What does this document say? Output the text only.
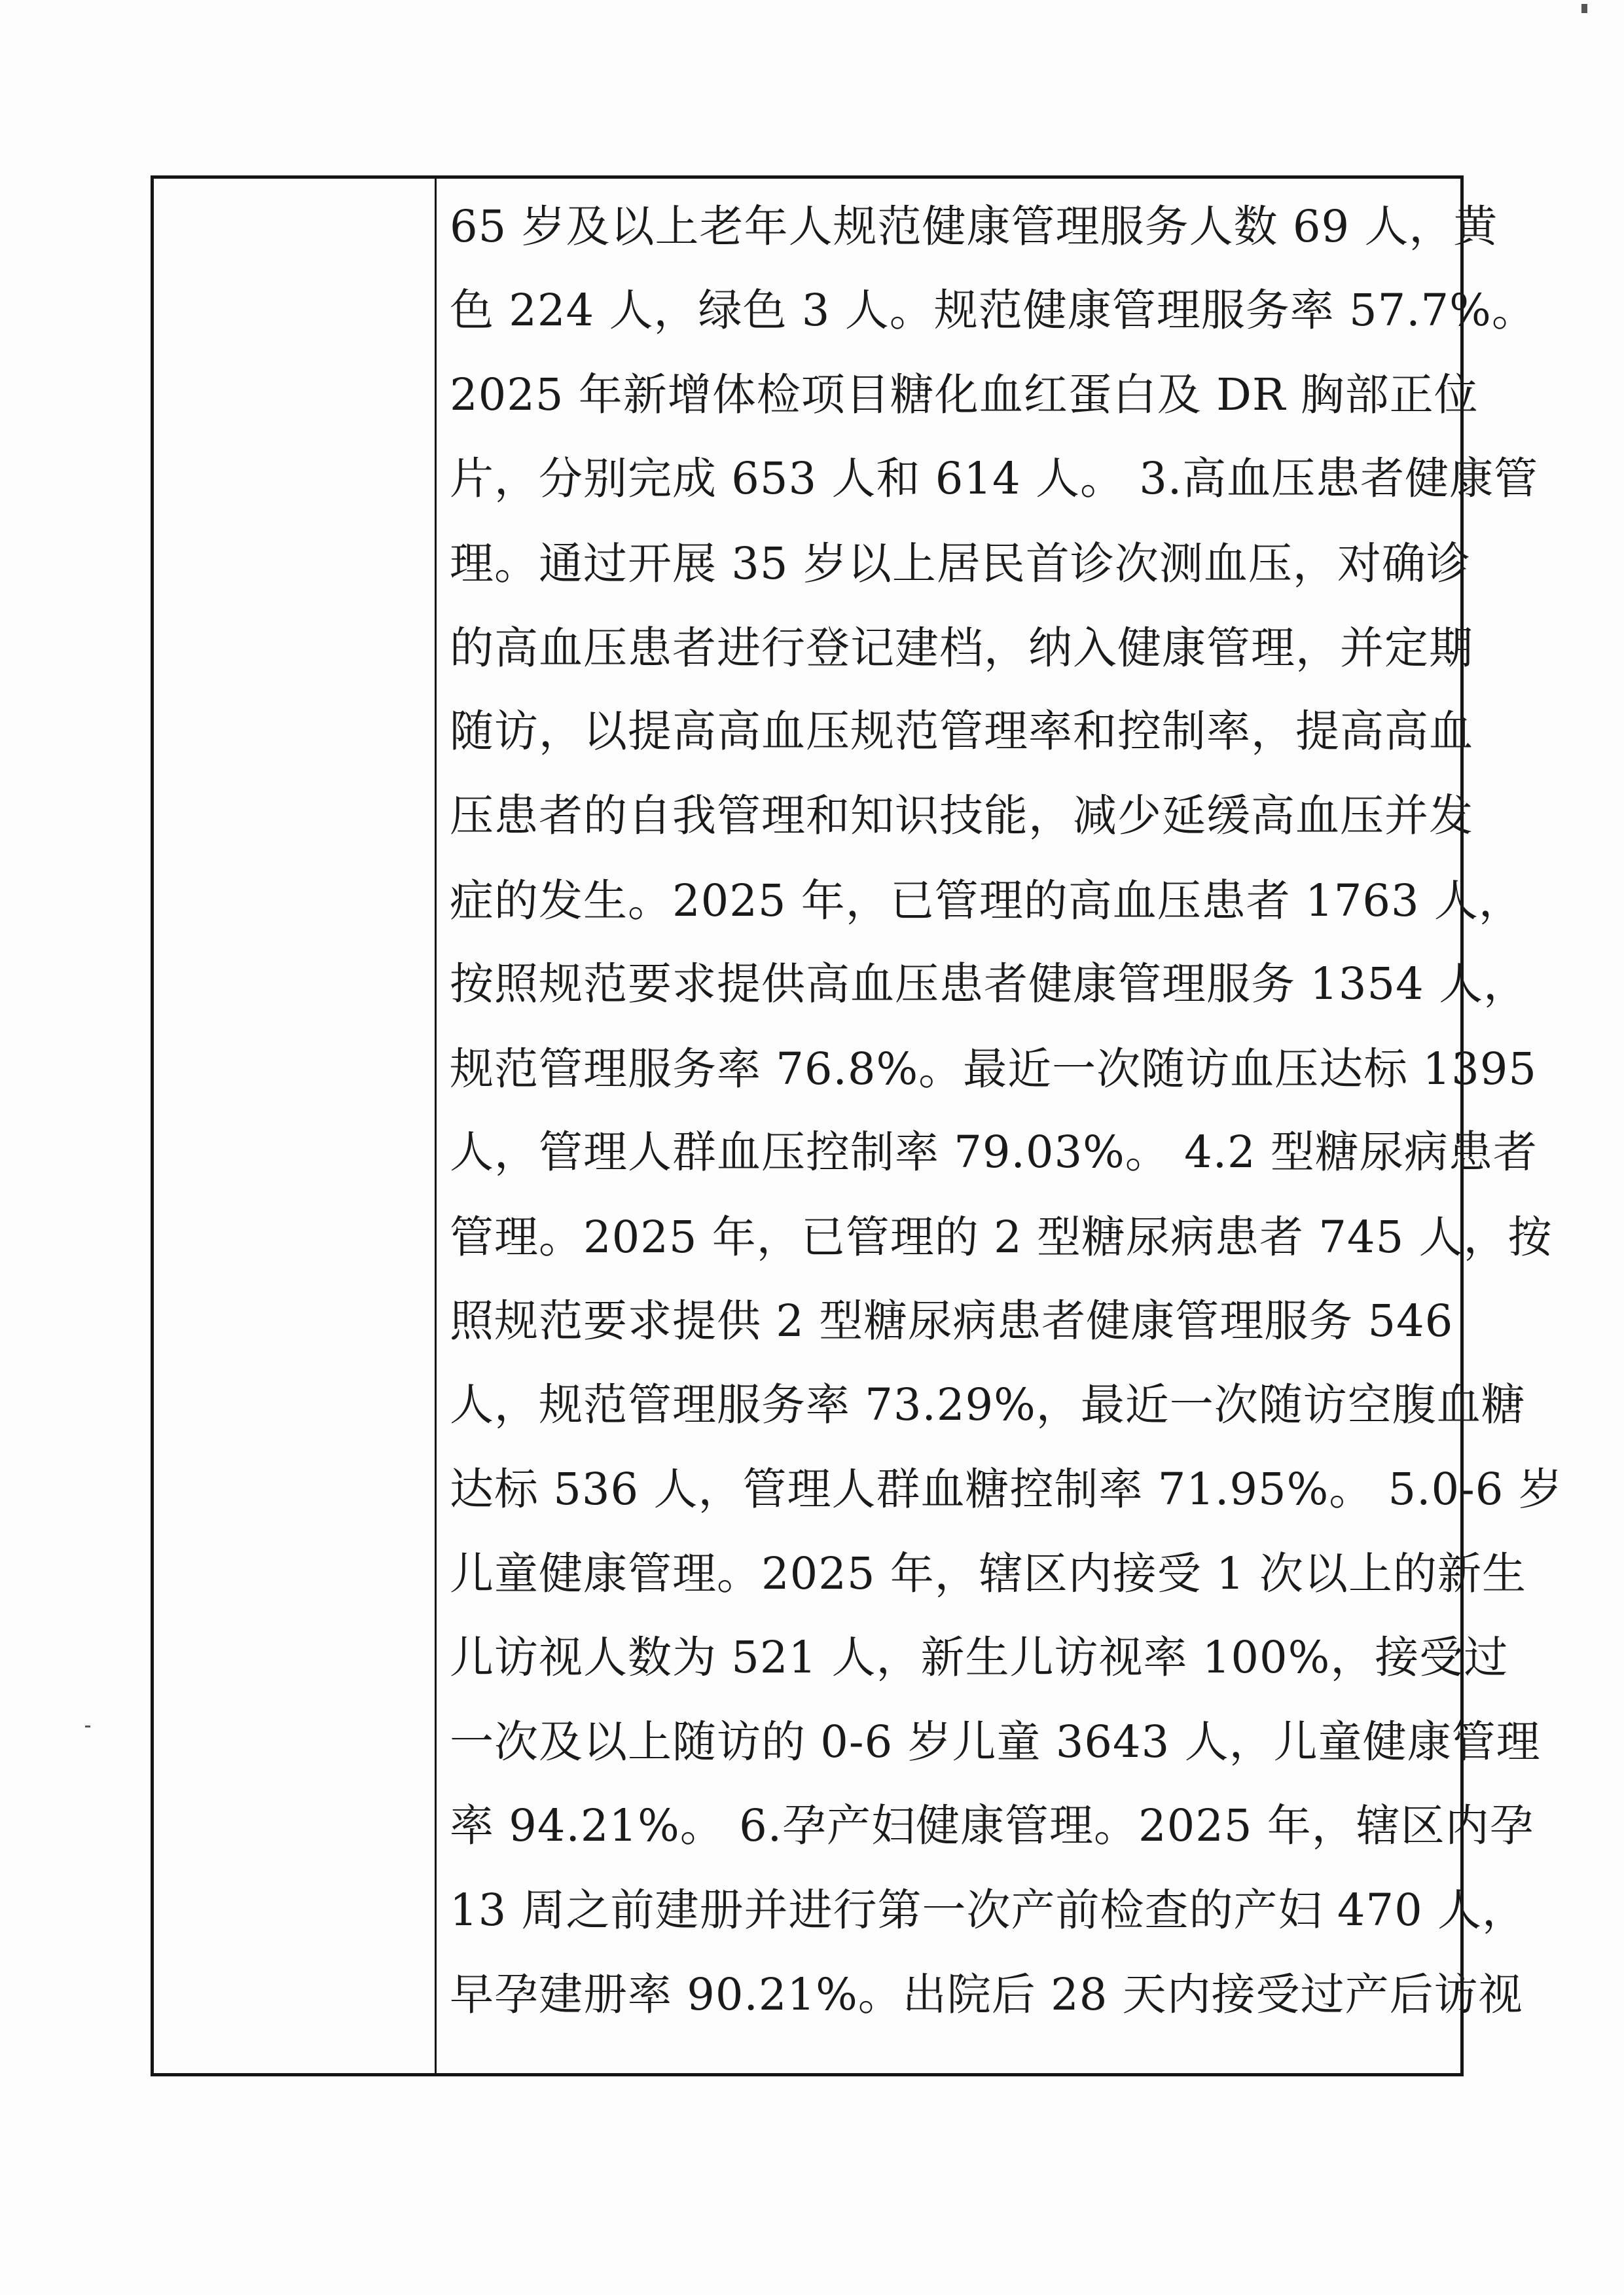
65 岁及以上老年人规范健康管理服务人数 69 人，黄
色 224 人，绿色 3 人。规范健康管理服务率 57.7%。
2025 年新增体检项目糖化血红蛋白及 DR 胸部正位
片，分别完成 653 人和 614 人。 3.高血压患者健康管
理。通过开展 35 岁以上居民首诊次测血压，对确诊
的高血压患者进行登记建档，纳入健康管理，并定期
随访，以提高高血压规范管理率和控制率，提高高血
压患者的自我管理和知识技能，减少延缓高血压并发
症的发生。2025 年，已管理的高血压患者 1763 人，
按照规范要求提供高血压患者健康管理服务 1354 人，
规范管理服务率 76.8%。最近一次随访血压达标 1395
人，管理人群血压控制率 79.03%。 4.2 型糖尿病患者
管理。2025 年，已管理的 2 型糖尿病患者 745 人，按
照规范要求提供 2 型糖尿病患者健康管理服务 546
人，规范管理服务率 73.29%，最近一次随访空腹血糖
达标 536 人，管理人群血糖控制率 71.95%。 5.0-6 岁
儿童健康管理。2025 年，辖区内接受 1 次以上的新生
儿访视人数为 521 人，新生儿访视率 100%，接受过
一次及以上随访的 0-6 岁儿童 3643 人，儿童健康管理
率 94.21%。 6.孕产妇健康管理。2025 年，辖区内孕
13 周之前建册并进行第一次产前检查的产妇 470 人，
早孕建册率 90.21%。出院后 28 天内接受过产后访视
